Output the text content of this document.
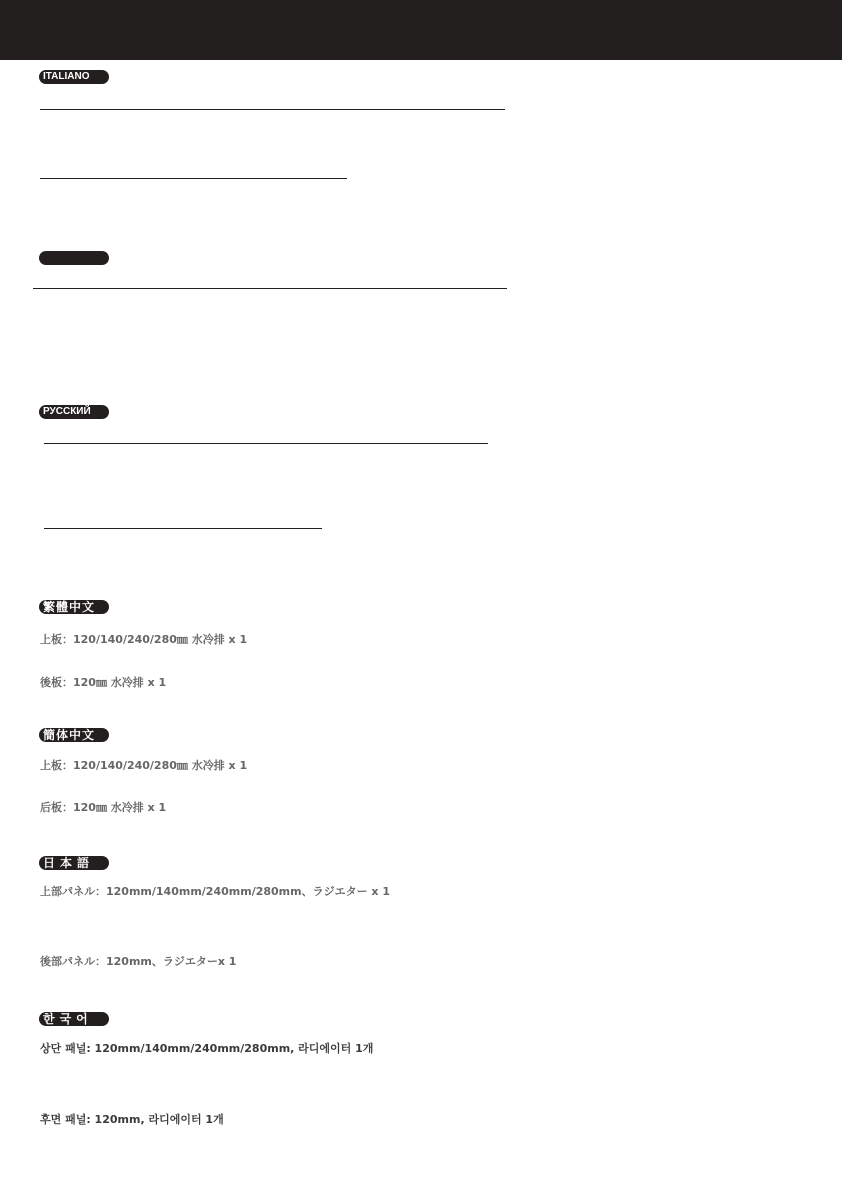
ITALIANO
РУССКИЙ
繁體中文
上板：120/140/240/280㎜ 水冷排 x 1
後板：120㎜ 水冷排 x 1
簡体中文
上板：120/140/240/280㎜ 水冷排 x 1
后板：120㎜ 水冷排 x 1
日本語
上部パネル：120mm/140mm/240mm/280mm、ラジエター x 1
後部パネル：120mm、ラジエターx 1
한국어
상단 패널: 120mm/140mm/240mm/280mm, 라디에이터 1개
후면 패널: 120mm, 라디에이터 1개
